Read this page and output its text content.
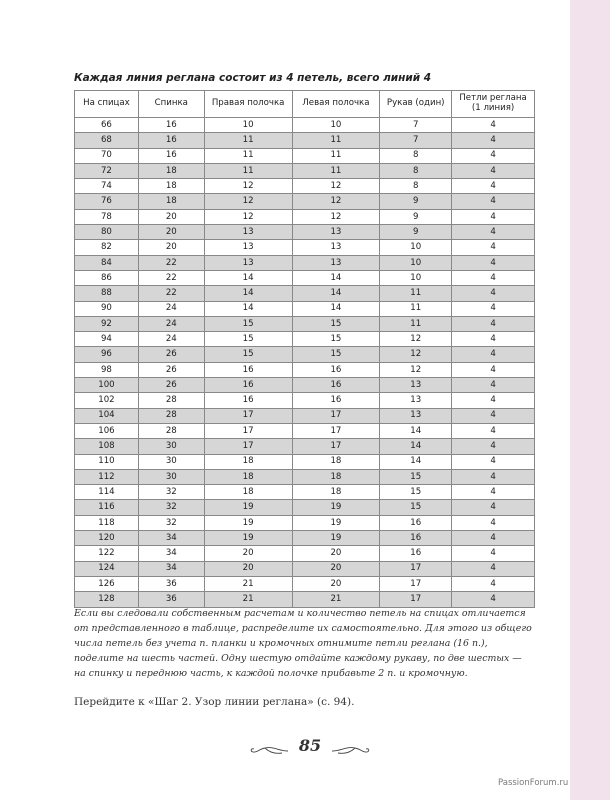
Каждая линия реглана состоит из 4 петель, всего линий 4
На спицах	Спинка	Правая полочка	Левая полочка	Рукав (один)	Петли реглана (1 линия)
66	16	10	10	7	4
68	16	11	11	7	4
70	16	11	11	8	4
72	18	11	11	8	4
74	18	12	12	8	4
76	18	12	12	9	4
78	20	12	12	9	4
80	20	13	13	9	4
82	20	13	13	10	4
84	22	13	13	10	4
86	22	14	14	10	4
88	22	14	14	11	4
90	24	14	14	11	4
92	24	15	15	11	4
94	24	15	15	12	4
96	26	15	15	12	4
98	26	16	16	12	4
100	26	16	16	13	4
102	28	16	16	13	4
104	28	17	17	13	4
106	28	17	17	14	4
108	30	17	17	14	4
110	30	18	18	14	4
112	30	18	18	15	4
114	32	18	18	15	4
116	32	19	19	15	4
118	32	19	19	16	4
120	34	19	19	16	4
122	34	20	20	16	4
124	34	20	20	17	4
126	36	21	20	17	4
128	36	21	21	17	4

Если вы следовали собственным расчетам и количество петель на спицах отличается от представленного в таблице, распределите их самостоятельно. Для этого из общего числа петель без учета п. планки и кромочных отнимите петли реглана (16 п.), поделите на шесть частей. Одну шестую отдайте каждому рукаву, по две шестых — на спинку и переднюю часть, к каждой полочке прибавьте 2 п. и кромочную.

Перейдите к «Шаг 2. Узор линии реглана» (с. 94).

85
PassionForum.ru
